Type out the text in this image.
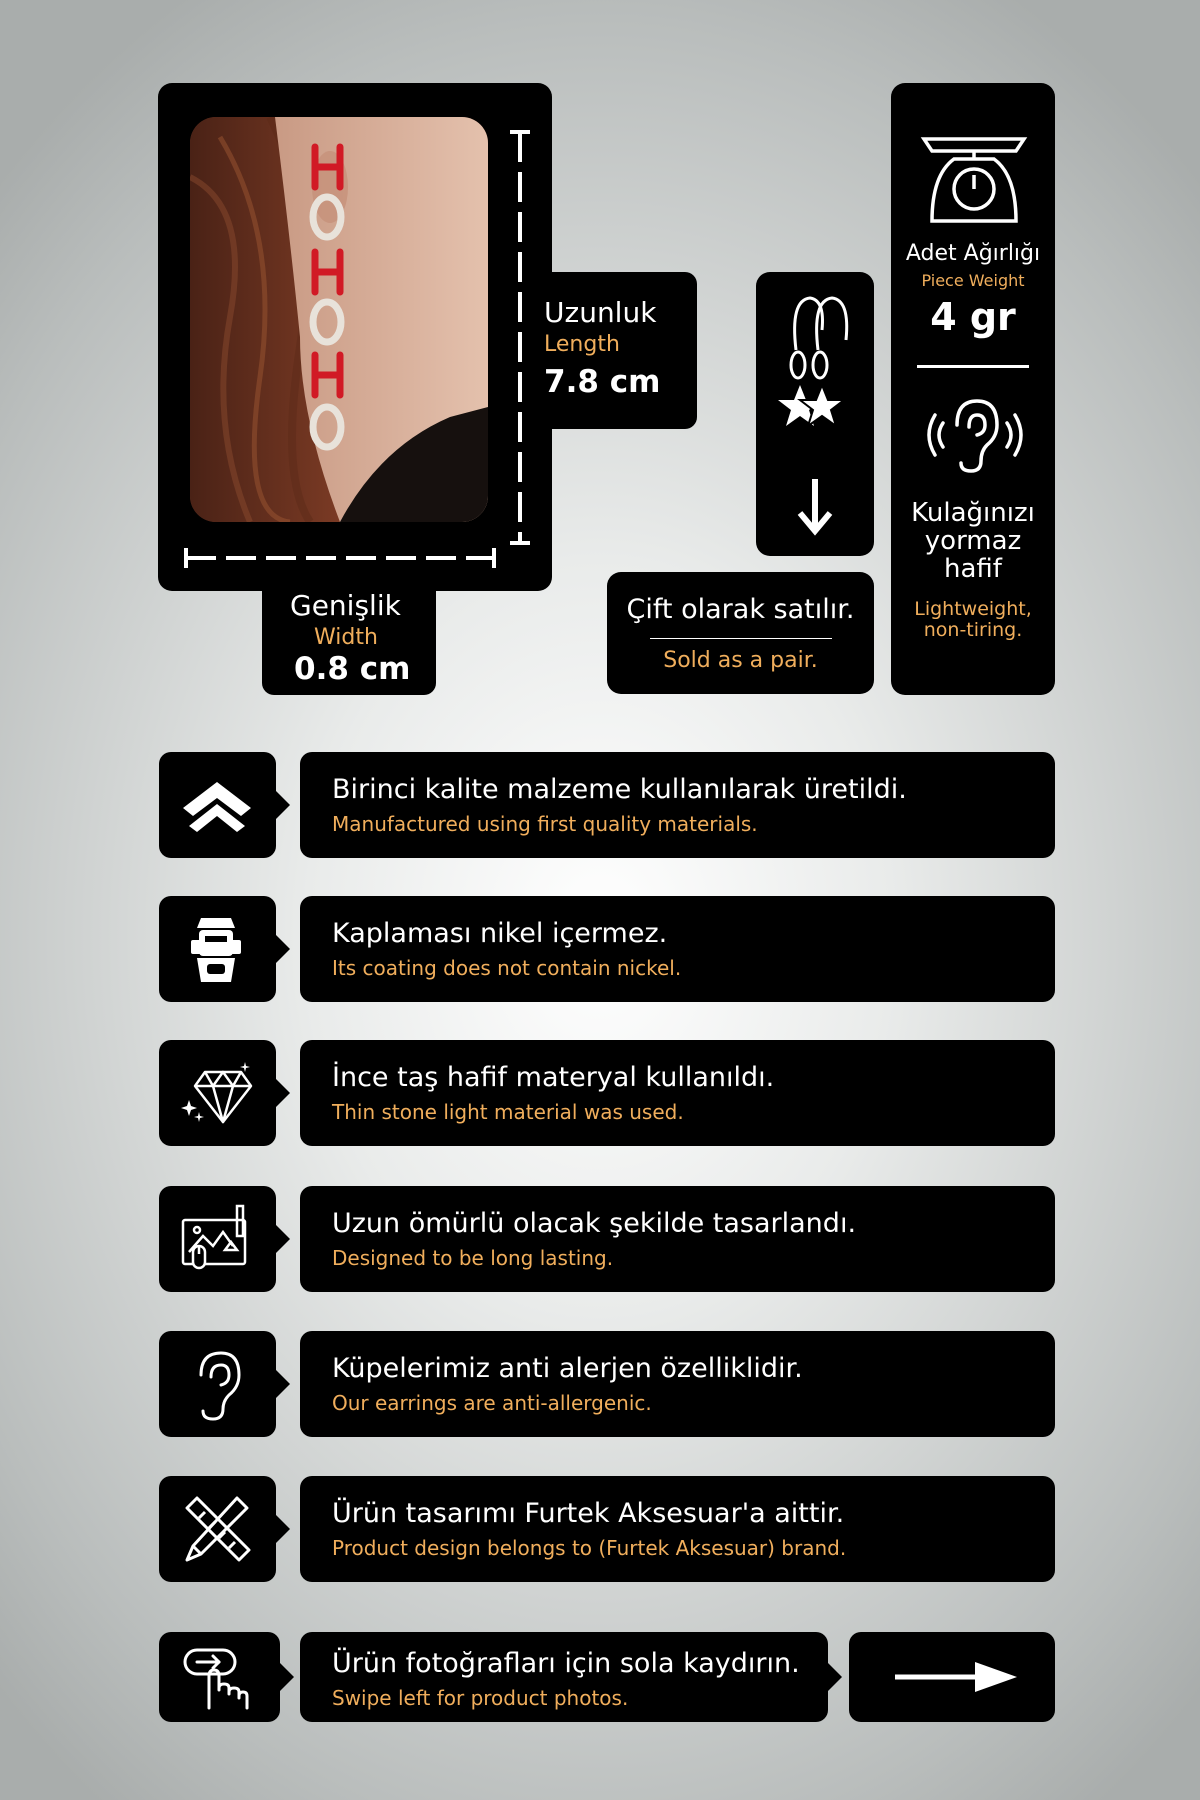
Uzunluk
Length
7.8 cm
Genişlik
Width
0.8 cm
Çift olarak satılır.
Sold as a pair.
Adet Ağırlığı
Piece Weight
4 gr
Kulağınızı
yormaz
hafif
Lightweight,
non-tiring.
Birinci kalite malzeme kullanılarak üretildi.
Manufactured using first quality materials.
Kaplaması nikel içermez.
Its coating does not contain nickel.
İnce taş hafif materyal kullanıldı.
Thin stone light material was used.
Uzun ömürlü olacak şekilde tasarlandı.
Designed to be long lasting.
Küpelerimiz anti alerjen özelliklidir.
Our earrings are anti-allergenic.
Ürün tasarımı Furtek Aksesuar'a aittir.
Product design belongs to (Furtek Aksesuar) brand.
Ürün fotoğrafları için sola kaydırın.
Swipe left for product photos.
